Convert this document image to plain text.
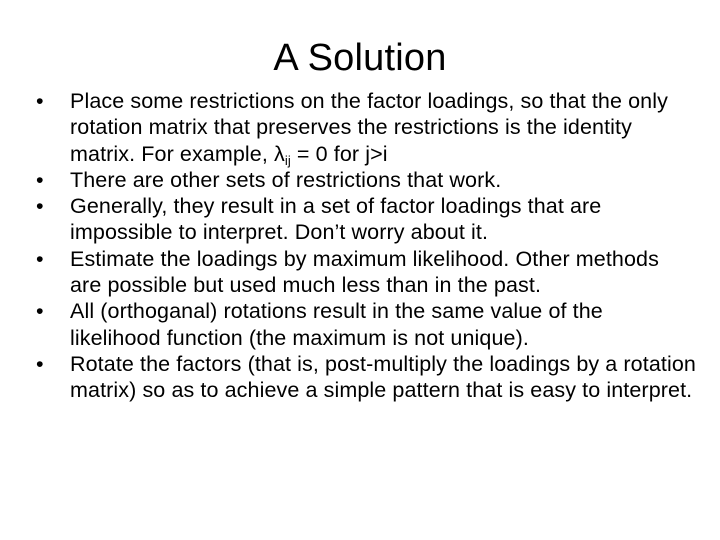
A Solution
•	Place some restrictions on the factor loadings, so that the only rotation matrix that preserves the restrictions is the identity matrix. For example, $\lambda_{ij} = 0$ for j>i
•	There are other sets of restrictions that work.
•	Generally, they result in a set of factor loadings that are impossible to interpret. Don’t worry about it.
•	Estimate the loadings by maximum likelihood. Other methods are possible but used much less than in the past.
•	All (orthoganal) rotations result in the same value of the likelihood function (the maximum is not unique).
•	Rotate the factors (that is, post-multiply the loadings by a rotation matrix) so as to achieve a simple pattern that is easy to interpret.
